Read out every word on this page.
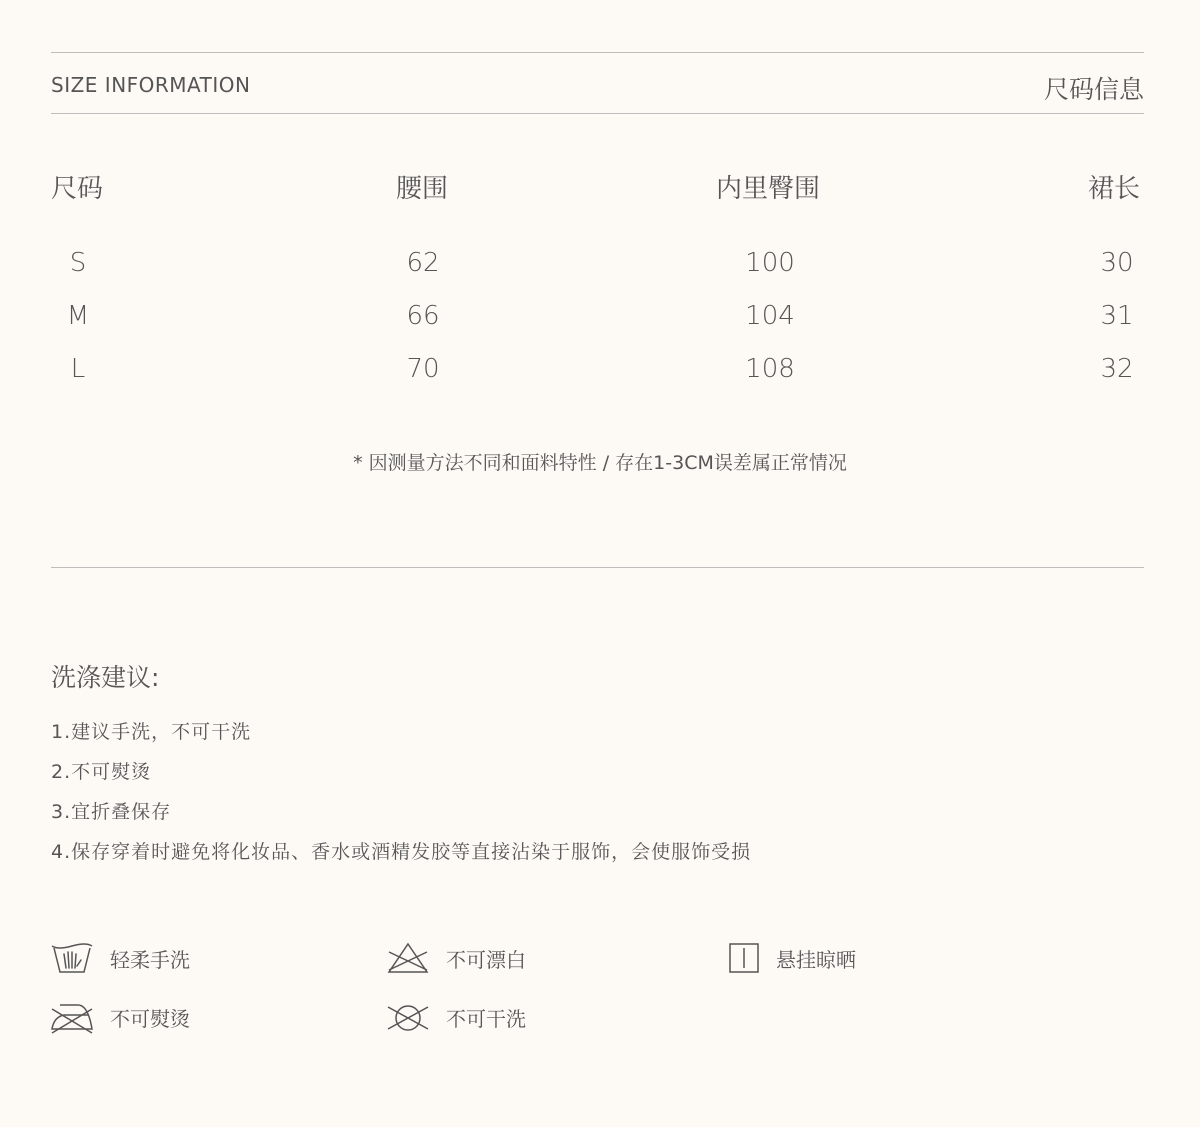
SIZE INFORMATION	尺码信息
尺码	腰围	内里臀围	裙长
S	62	100	30
M	66	104	31
L	70	108	32
* 因测量方法不同和面料特性 / 存在1-3CM误差属正常情况
洗涤建议:
1.建议手洗，不可干洗
2.不可熨烫
3.宜折叠保存
4.保存穿着时避免将化妆品、香水或酒精发胶等直接沾染于服饰，会使服饰受损
轻柔手洗	不可漂白	悬挂晾晒
不可熨烫	不可干洗
